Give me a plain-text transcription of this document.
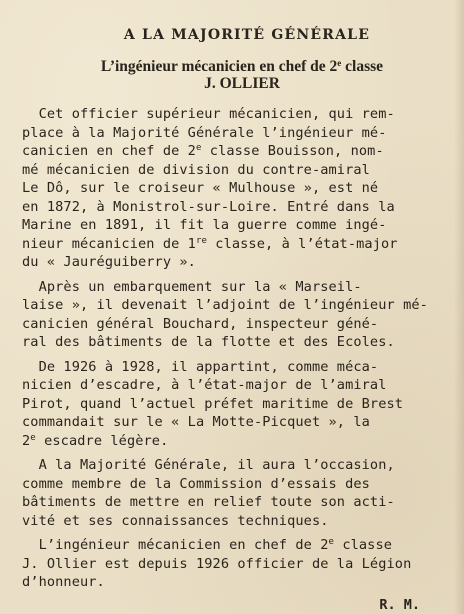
A LA MAJORITÉ GÉNÉRALE
L’ingénieur mécanicien en chef de 2e classe
J. OLLIER

Cet officier supérieur mécanicien, qui rem-
place à la Majorité Générale l’ingénieur mé-
canicien en chef de 2e classe Bouisson, nom-
mé mécanicien de division du contre-amiral
Le Dô, sur le croiseur « Mulhouse », est né
en 1872, à Monistrol-sur-Loire. Entré dans la
Marine en 1891, il fit la guerre comme ingé-
nieur mécanicien de 1re classe, à l’état-major
du « Jauréguiberry ».

Après un embarquement sur la « Marseil-
laise », il devenait l’adjoint de l’ingénieur mé-
canicien général Bouchard, inspecteur géné-
ral des bâtiments de la flotte et des Ecoles.

De 1926 à 1928, il appartint, comme méca-
nicien d’escadre, à l’état-major de l’amiral
Pirot, quand l’actuel préfet maritime de Brest
commandait sur le « La Motte-Picquet », la
2e escadre légère.

A la Majorité Générale, il aura l’occasion,
comme membre de la Commission d’essais des
bâtiments de mettre en relief toute son acti-
vité et ses connaissances techniques.

L’ingénieur mécanicien en chef de 2e classe
J. Ollier est depuis 1926 officier de la Légion
d’honneur.

R. M.
